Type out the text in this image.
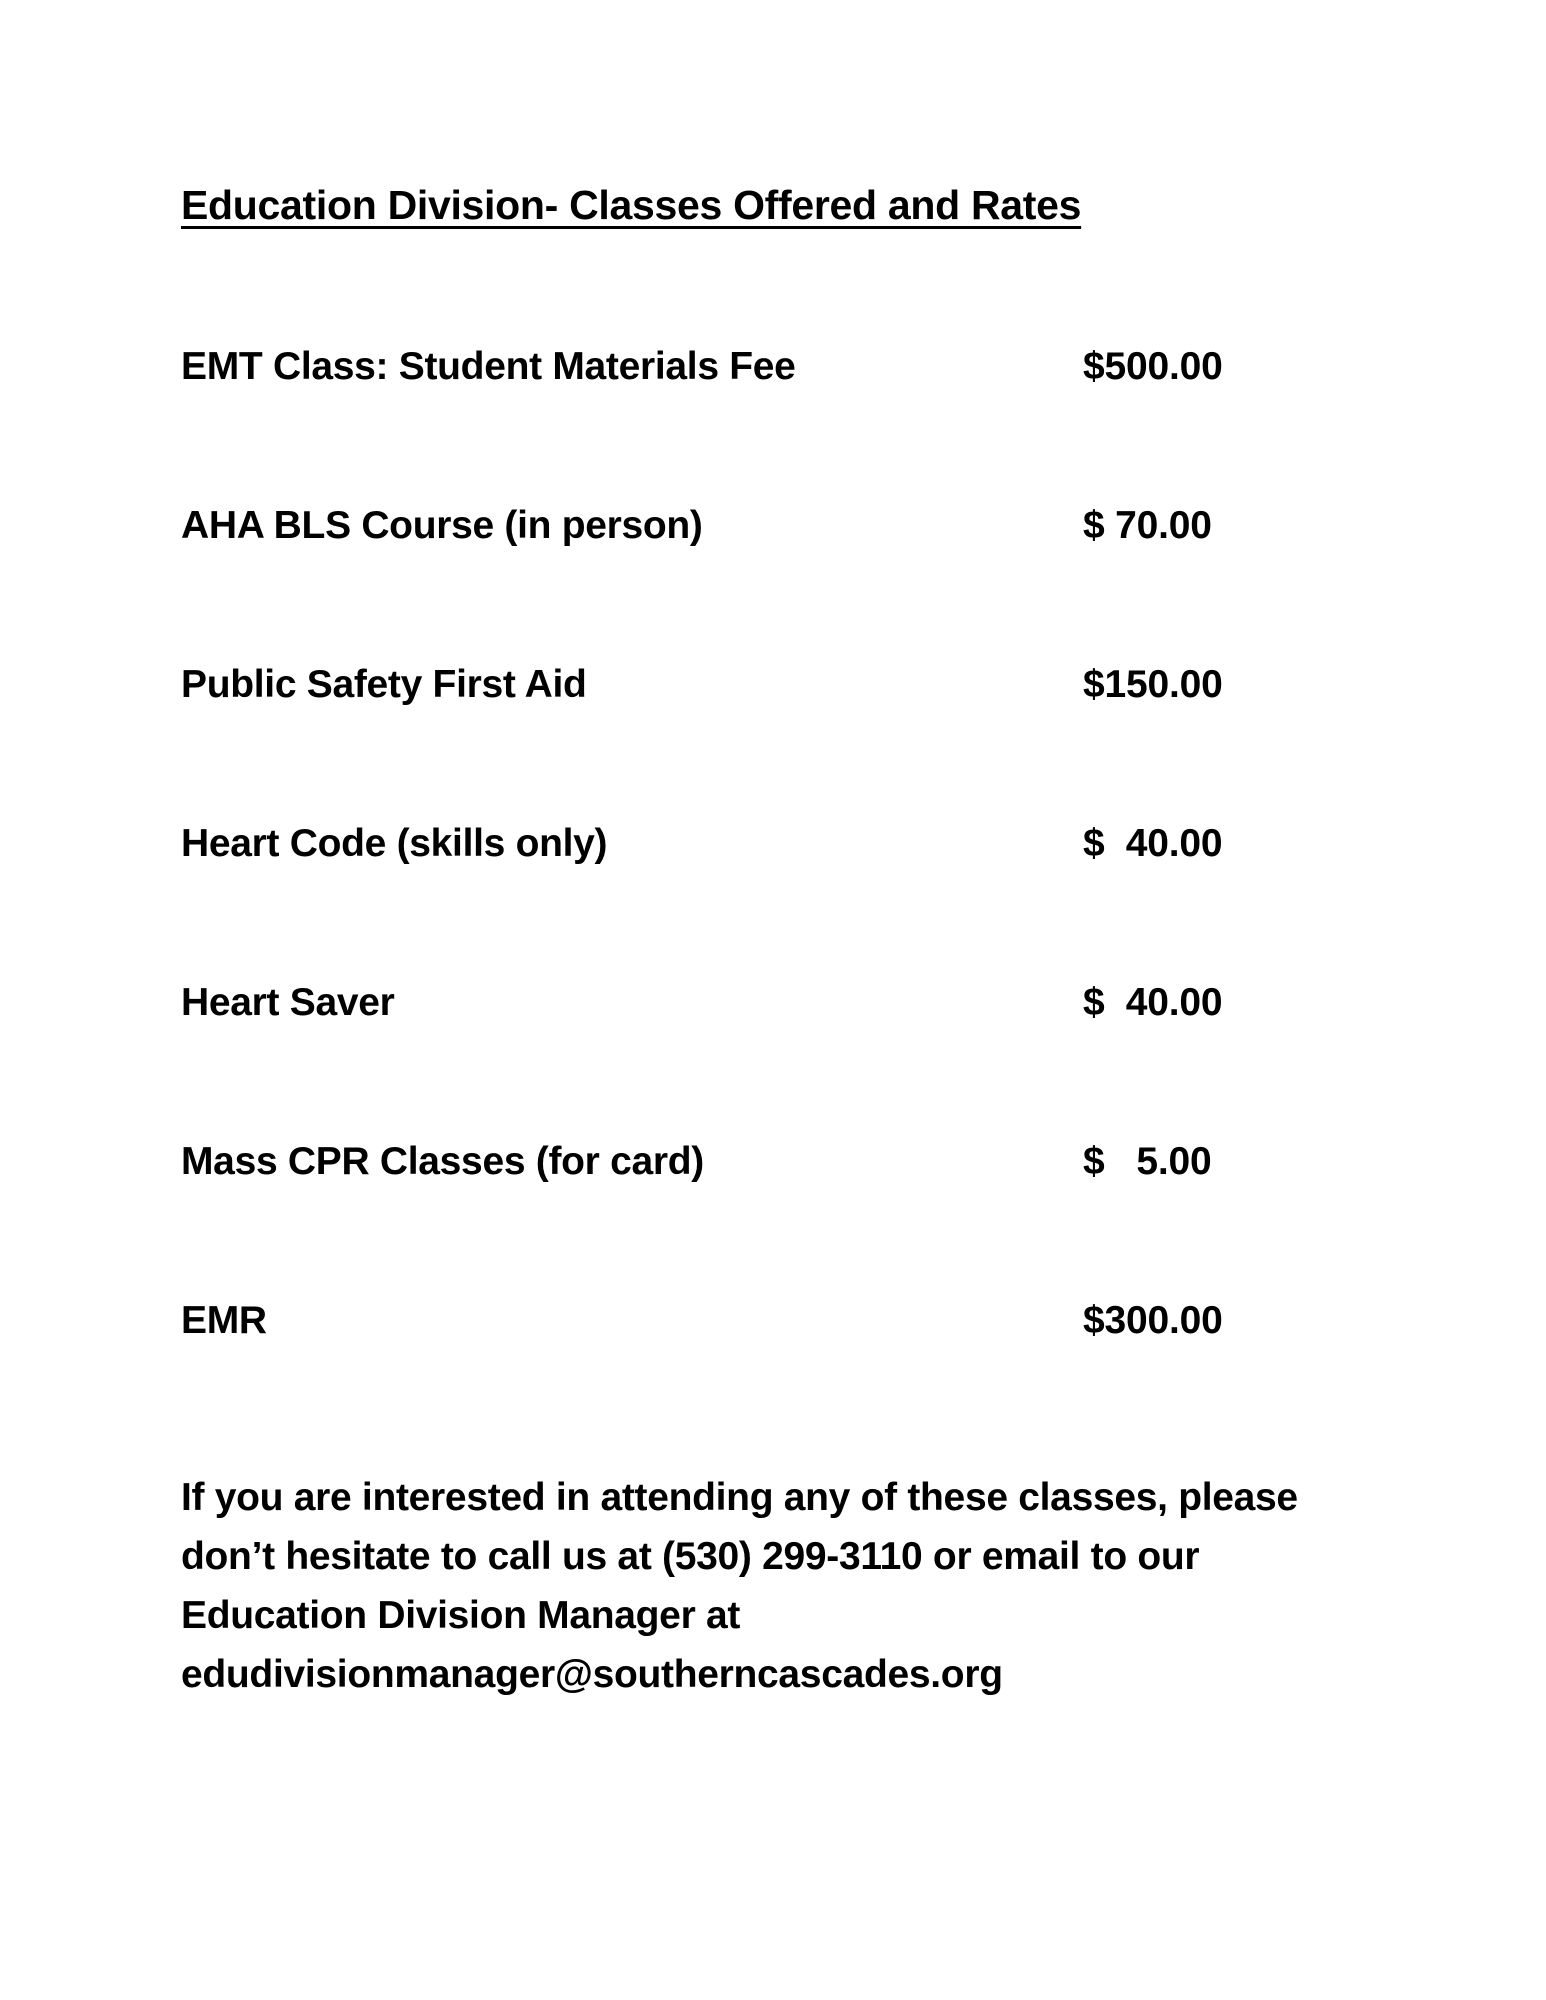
Education Division- Classes Offered and Rates
EMT Class: Student Materials Fee	$500.00
AHA BLS Course (in person)	$ 70.00
Public Safety First Aid	$150.00
Heart Code (skills only)	$  40.00
Heart Saver	$  40.00
Mass CPR Classes (for card)	$   5.00
EMR	$300.00

If you are interested in attending any of these classes, please
don’t hesitate to call us at (530) 299-3110 or email to our
Education Division Manager at
edudivisionmanager@southerncascades.org
